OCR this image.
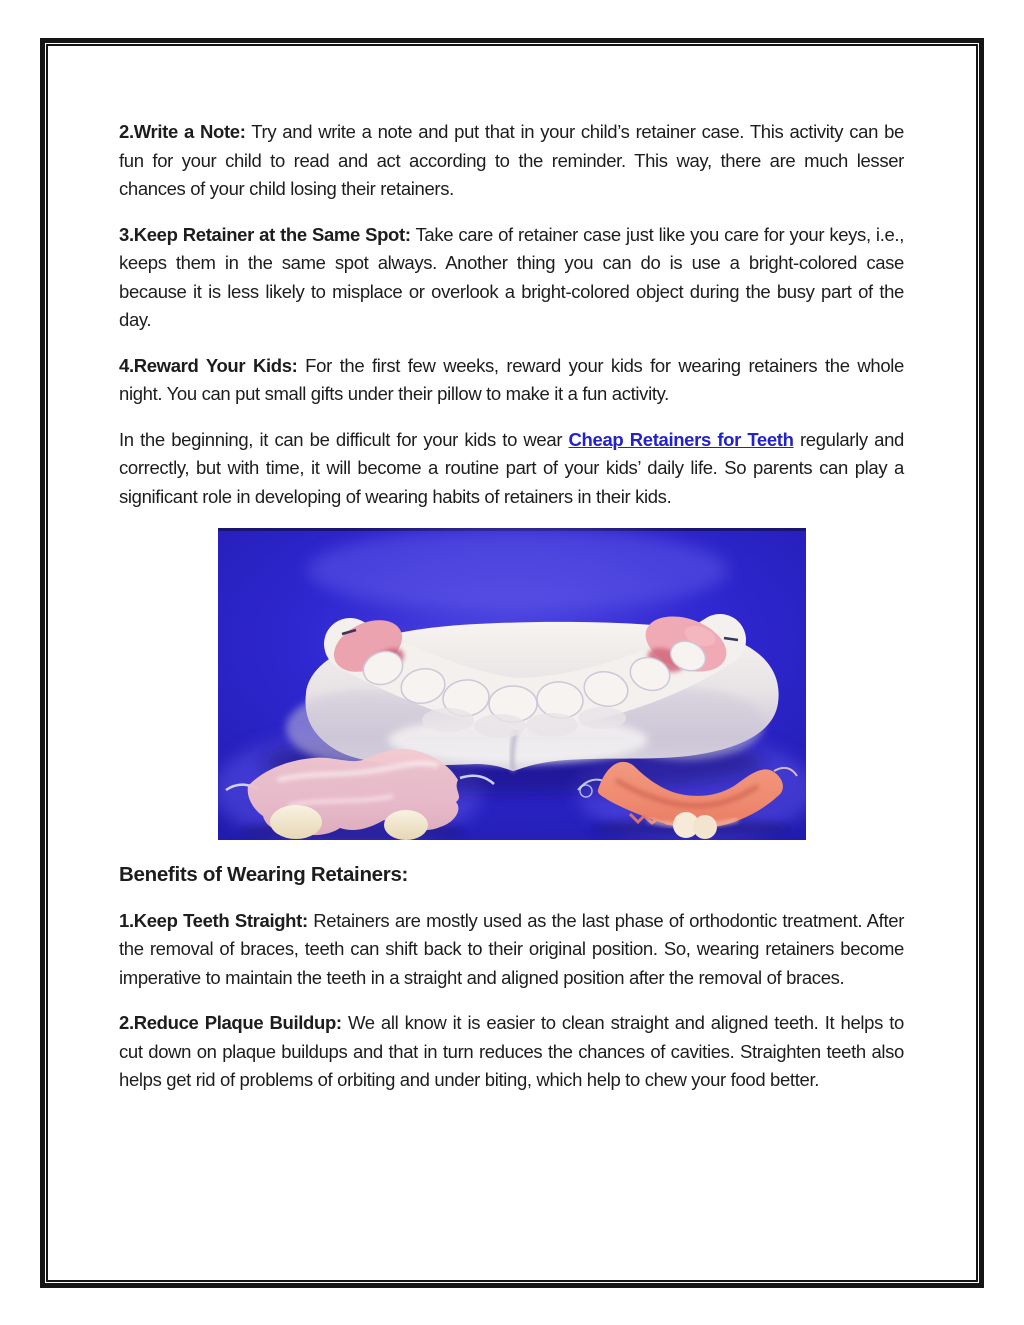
2.Write a Note: Try and write a note and put that in your child’s retainer case. This activity can be fun for your child to read and act according to the reminder. This way, there are much lesser chances of your child losing their retainers.

3.Keep Retainer at the Same Spot: Take care of retainer case just like you care for your keys, i.e., keeps them in the same spot always. Another thing you can do is use a bright-colored case because it is less likely to misplace or overlook a bright-colored object during the busy part of the day.

4.Reward Your Kids: For the first few weeks, reward your kids for wearing retainers the whole night. You can put small gifts under their pillow to make it a fun activity.

In the beginning, it can be difficult for your kids to wear Cheap Retainers for Teeth regularly and correctly, but with time, it will become a routine part of your kids’ daily life. So parents can play a significant role in developing of wearing habits of retainers in their kids.

Benefits of Wearing Retainers:

1.Keep Teeth Straight: Retainers are mostly used as the last phase of orthodontic treatment. After the removal of braces, teeth can shift back to their original position. So, wearing retainers become imperative to maintain the teeth in a straight and aligned position after the removal of braces.

2.Reduce Plaque Buildup: We all know it is easier to clean straight and aligned teeth. It helps to cut down on plaque buildups and that in turn reduces the chances of cavities. Straighten teeth also helps get rid of problems of orbiting and under biting, which help to chew your food better.
